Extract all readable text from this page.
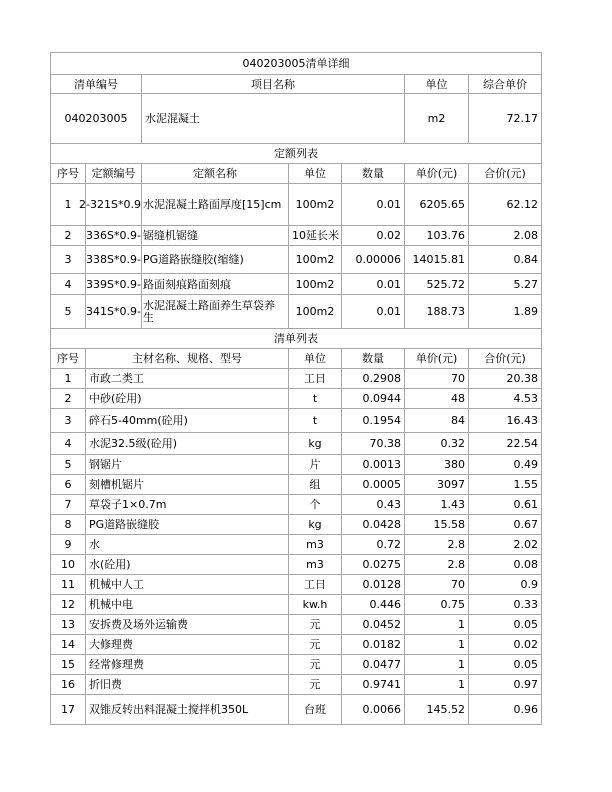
040203005清单详细						
清单编号		项目名称			单位	综合单价
040203005		水泥混凝土			m2	72.17
定额列表						
序号	定额编号	定额名称	单位	数量	单价(元)	合价(元)
1	2-321S*0.9	水泥混凝土路面厚度[15]cm	100m2	0.01	6205.65	62.12
2	-336S*0.9	锯缝机锯缝	10延长米	0.02	103.76	2.08
3	-338S*0.9	PG道路嵌缝胶(缩缝)	100m2	0.00006	14015.81	0.84
4	-339S*0.9	路面刻痕路面刻痕	100m2	0.01	525.72	5.27
5	-341S*0.9	水泥混凝土路面养生草袋养生	100m2	0.01	188.73	1.89
清单列表						
序号	主材名称、规格、型号		单位	数量	单价(元)	合价(元)
1	市政二类工		工日	0.2908	70	20.38
2	中砂(砼用)		t	0.0944	48	4.53
3	碎石5-40mm(砼用)		t	0.1954	84	16.43
4	水泥32.5级(砼用)		kg	70.38	0.32	22.54
5	钢锯片		片	0.0013	380	0.49
6	刻槽机锯片		组	0.0005	3097	1.55
7	草袋子1×0.7m		个	0.43	1.43	0.61
8	PG道路嵌缝胶		kg	0.0428	15.58	0.67
9	水		m3	0.72	2.8	2.02
10	水(砼用)		m3	0.0275	2.8	0.08
11	机械中人工		工日	0.0128	70	0.9
12	机械中电		kw.h	0.446	0.75	0.33
13	安拆费及场外运输费		元	0.0452	1	0.05
14	大修理费		元	0.0182	1	0.02
15	经常修理费		元	0.0477	1	0.05
16	折旧费		元	0.9741	1	0.97
17	双锥反转出料混凝土搅拌机350L		台班	0.0066	145.52	0.96
